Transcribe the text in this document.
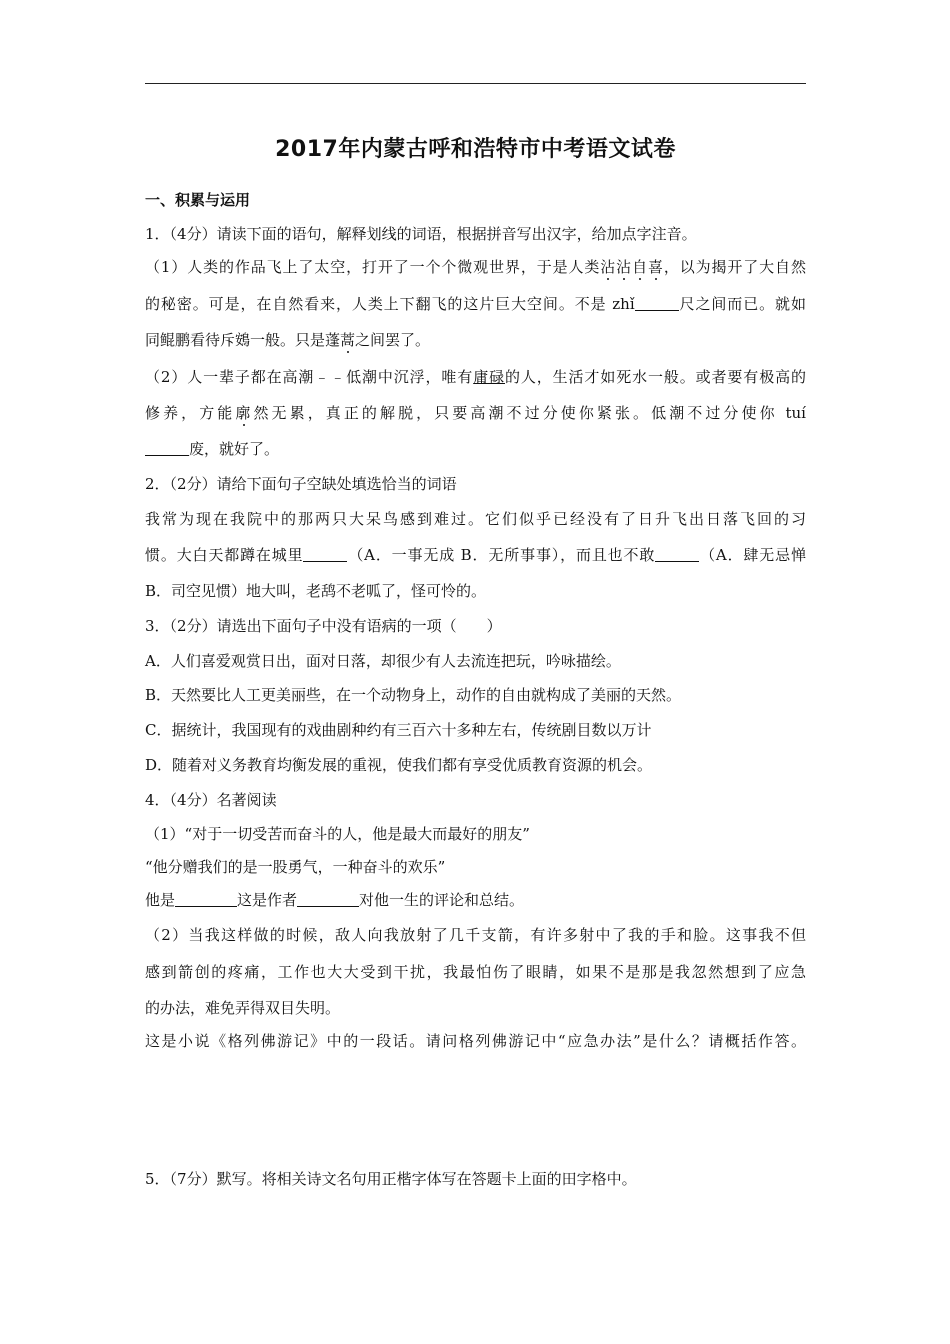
2017年内蒙古呼和浩特市中考语文试卷
一、积累与运用
1．（4分）请读下面的语句，解释划线的词语，根据拼音写出汉字，给加点字注音。
（1）人类的作品飞上了太空，打开了一个个微观世界，于是人类沾沾自喜，以为揭开了大自然
的秘密。可是，在自然看来，人类上下翻飞的这片巨大空间。不是 zhǐ	尺之间而已。就如
同鲲鹏看待斥鴳一般。只是蓬蒿之间罢了。
（2）人一辈子都在高潮﹣﹣低潮中沉浮，唯有庸碌的人，生活才如死水一般。或者要有极高的
修养，方能廓然无累，真正的解脱，只要高潮不过分使你紧张。低潮不过分使你 tuí
废，就好了。
2．（2分）请给下面句子空缺处填选恰当的词语
我常为现在我院中的那两只大呆鸟感到难过。它们似乎已经没有了日升飞出日落飞回的习
惯。大白天都蹲在城里	（A．一事无成 B．无所事事），而且也不敢	（A．肆无忌惮
B．司空见惯）地大叫，老鸹不老呱了，怪可怜的。
3．（2分）请选出下面句子中没有语病的一项（　　）
A．人们喜爱观赏日出，面对日落，却很少有人去流连把玩，吟咏描绘。
B．天然要比人工更美丽些，在一个动物身上，动作的自由就构成了美丽的天然。
C．据统计，我国现有的戏曲剧种约有三百六十多种左右，传统剧目数以万计
D．随着对义务教育均衡发展的重视，使我们都有享受优质教育资源的机会。
4．（4分）名著阅读
（1）“对于一切受苦而奋斗的人，他是最大而最好的朋友”
“他分赠我们的是一股勇气，一种奋斗的欢乐”
他是	这是作者	对他一生的评论和总结。
（2）当我这样做的时候，敌人向我放射了几千支箭，有许多射中了我的手和脸。这事我不但
感到箭创的疼痛，工作也大大受到干扰，我最怕伤了眼睛，如果不是那是我忽然想到了应急
的办法，难免弄得双目失明。
这是小说《格列佛游记》中的一段话。请问格列佛游记中“应急办法”是什么？请概括作答。
5．（7分）默写。将相关诗文名句用正楷字体写在答题卡上面的田字格中。
